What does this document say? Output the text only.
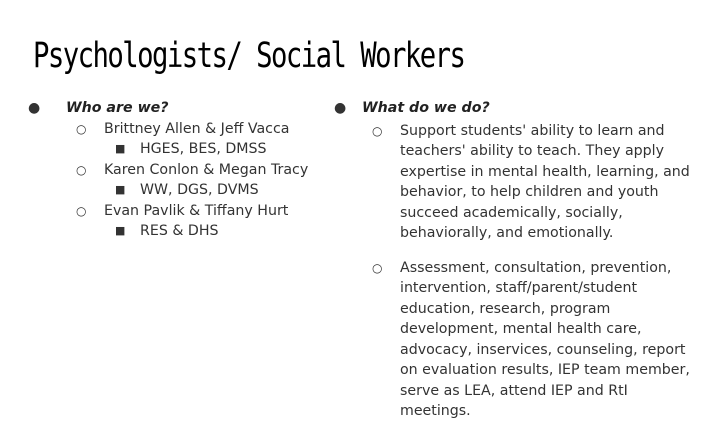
Psychologists/ Social Workers
● Who are we?
○ Brittney Allen & Jeff Vacca
■ HGES, BES, DMSS
○ Karen Conlon & Megan Tracy
■ WW, DGS, DVMS
○ Evan Pavlik & Tiffany Hurt
■ RES & DHS
● What do we do?
○ Support students' ability to learn and teachers' ability to teach. They apply expertise in mental health, learning, and behavior, to help children and youth succeed academically, socially, behaviorally, and emotionally.
○ Assessment, consultation, prevention, intervention, staff/parent/student education, research, program development, mental health care, advocacy, inservices, counseling, report on evaluation results, IEP team member, serve as LEA, attend IEP and RtI meetings.
